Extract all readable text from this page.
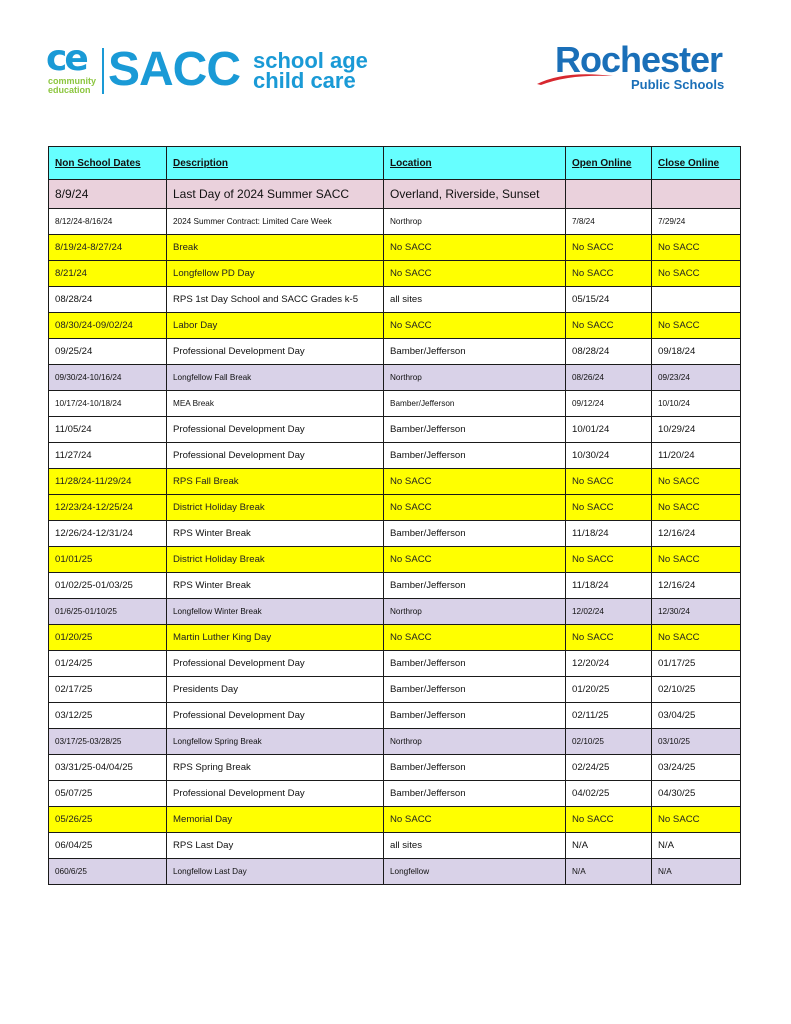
ce
community
education SACC school age
child care
Rochester
Public Schools
Non School Dates	Description	Location	Open Online	Close Online
8/9/24	Last Day of 2024 Summer SACC	Overland, Riverside, Sunset		
8/12/24-8/16/24	2024 Summer Contract: Limited Care Week	Northrop	7/8/24	7/29/24
8/19/24-8/27/24	Break	No SACC	No SACC	No SACC
8/21/24	Longfellow PD Day	No SACC	No SACC	No SACC
08/28/24	RPS 1st Day School and SACC Grades k-5	all sites	05/15/24	
08/30/24-09/02/24	Labor Day	No SACC	No SACC	No SACC
09/25/24	Professional Development Day	Bamber/Jefferson	08/28/24	09/18/24
09/30/24-10/16/24	Longfellow Fall Break	Northrop	08/26/24	09/23/24
10/17/24-10/18/24	MEA Break	Bamber/Jefferson	09/12/24	10/10/24
11/05/24	Professional Development Day	Bamber/Jefferson	10/01/24	10/29/24
11/27/24	Professional Development Day	Bamber/Jefferson	10/30/24	11/20/24
11/28/24-11/29/24	RPS Fall Break	No SACC	No SACC	No SACC
12/23/24-12/25/24	District Holiday Break	No SACC	No SACC	No SACC
12/26/24-12/31/24	RPS Winter Break	Bamber/Jefferson	11/18/24	12/16/24
01/01/25	District Holiday Break	No SACC	No SACC	No SACC
01/02/25-01/03/25	RPS Winter Break	Bamber/Jefferson	11/18/24	12/16/24
01/6/25-01/10/25	Longfellow Winter Break	Northrop	12/02/24	12/30/24
01/20/25	Martin Luther King Day	No SACC	No SACC	No SACC
01/24/25	Professional Development Day	Bamber/Jefferson	12/20/24	01/17/25
02/17/25	Presidents Day	Bamber/Jefferson	01/20/25	02/10/25
03/12/25	Professional Development Day	Bamber/Jefferson	02/11/25	03/04/25
03/17/25-03/28/25	Longfellow Spring Break	Northrop	02/10/25	03/10/25
03/31/25-04/04/25	RPS Spring Break	Bamber/Jefferson	02/24/25	03/24/25
05/07/25	Professional Development Day	Bamber/Jefferson	04/02/25	04/30/25
05/26/25	Memorial Day	No SACC	No SACC	No SACC
06/04/25	RPS Last Day	all sites	N/A	N/A
060/6/25	Longfellow Last Day	Longfellow	N/A	N/A
